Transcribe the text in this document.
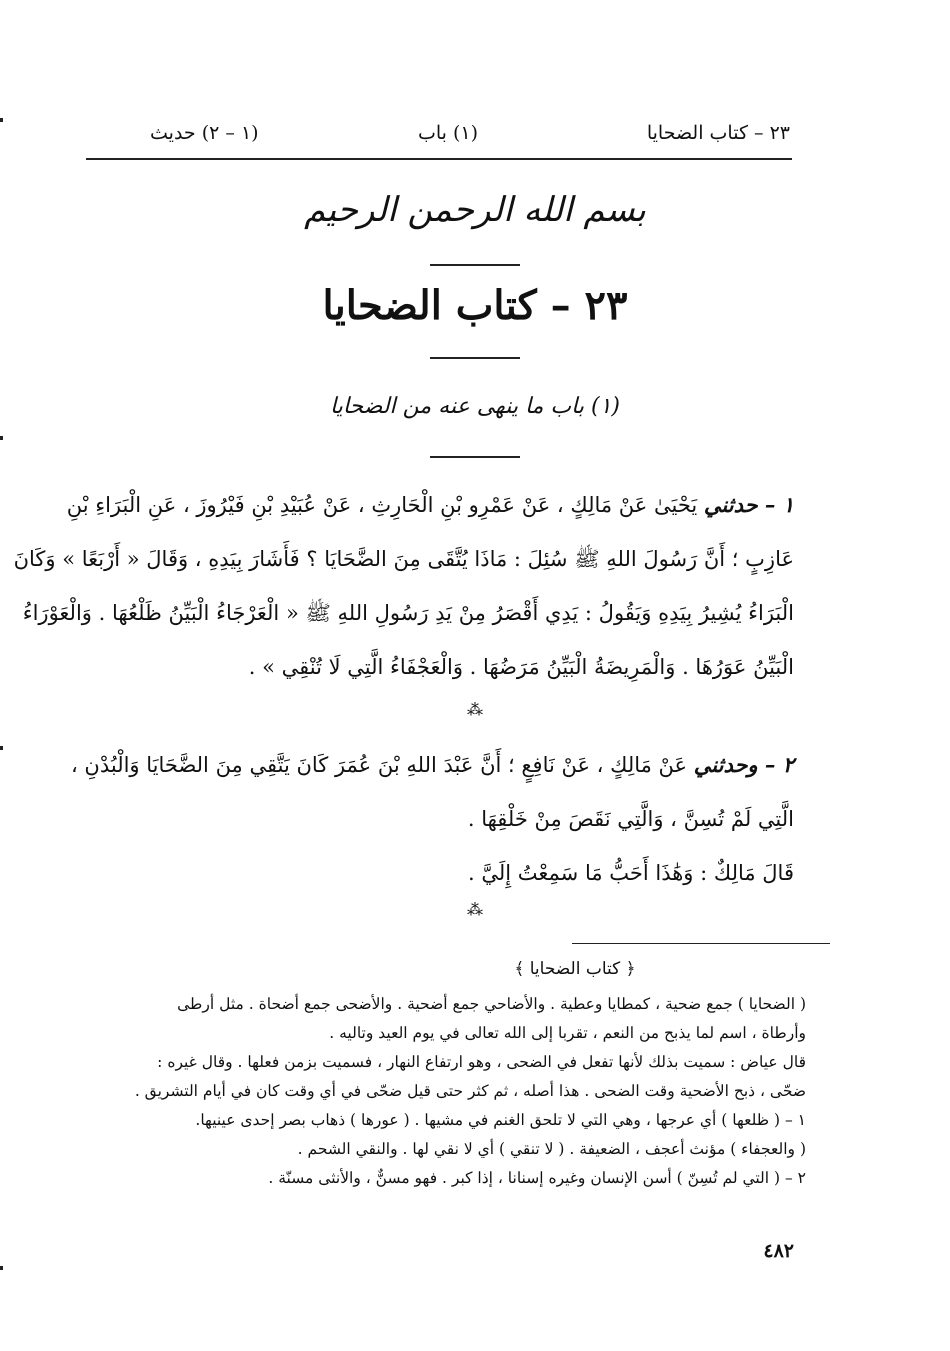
٢٣ – كتاب الضحايا
(١) باب
(١ – ٢) حديث
بسم الله الرحمن الرحيم
٢٣ – كتاب الضحايا
(١) باب ما ينهى عنه من الضحايا
١ – حدثني يَحْيَىٰ عَنْ مَالِكٍ ، عَنْ عَمْرِو بْنِ الْحَارِثِ ، عَنْ عُبَيْدِ بْنِ فَيْرُوزَ ، عَنِ الْبَرَاءِ بْنِ
عَازِبٍ ؛ أَنَّ رَسُولَ اللهِ ﷺ سُئِلَ : مَاذَا يُتَّقَى مِنَ الضَّحَايَا ؟ فَأَشَارَ بِيَدِهِ ، وَقَالَ « أَرْبَعًا » وَكَانَ
الْبَرَاءُ يُشِيرُ بِيَدِهِ وَيَقُولُ : يَدِي أَقْصَرُ مِنْ يَدِ رَسُولِ اللهِ ﷺ « الْعَرْجَاءُ الْبَيِّنُ ظَلْعُهَا . وَالْعَوْرَاءُ
الْبَيِّنُ عَوَرُهَا . وَالْمَرِيضَةُ الْبَيِّنُ مَرَضُهَا . وَالْعَجْفَاءُ الَّتِي لَا تُنْقِي » .
⁂
٢ – وحدثني عَنْ مَالِكٍ ، عَنْ نَافِعٍ ؛ أَنَّ عَبْدَ اللهِ بْنَ عُمَرَ كَانَ يَتَّقِي مِنَ الضَّحَايَا وَالْبُدْنِ ،
الَّتِي لَمْ تُسِنَّ ، وَالَّتِي نَقَصَ مِنْ خَلْقِهَا .
قَالَ مَالِكٌ : وَهَٰذَا أَحَبُّ مَا سَمِعْتُ إِلَيَّ .
⁂
﴿ كتاب الضحايا ﴾
( الضحايا ) جمع ضحية ، كمطايا وعطية . والأضاحي جمع أضحية . والأضحى جمع أضحاة . مثل أرطى
وأرطاة ، اسم لما يذبح من النعم ، تقربا إلى الله تعالى في يوم العيد وتاليه .
قال عياض : سميت بذلك لأنها تفعل في الضحى ، وهو ارتفاع النهار ، فسميت بزمن فعلها . وقال غيره :
ضحّى ، ذبح الأضحية وقت الضحى . هذا أصله ، ثم كثر حتى قيل ضحّى في أي وقت كان في أيام التشريق .
١ – ( ظلعها ) أي عرجها ، وهي التي لا تلحق الغنم في مشيها . ( عورها ) ذهاب بصر إحدى عينيها.
( والعجفاء ) مؤنث أعجف ، الضعيفة . ( لا تنقي ) أي لا نقي لها . والنقي الشحم .
٢ – ( التي لم تُسِنّ ) أسن الإنسان وغيره إسنانا ، إذا كبر . فهو مسنٌّ ، والأنثى مسنّة .
٤٨٢
